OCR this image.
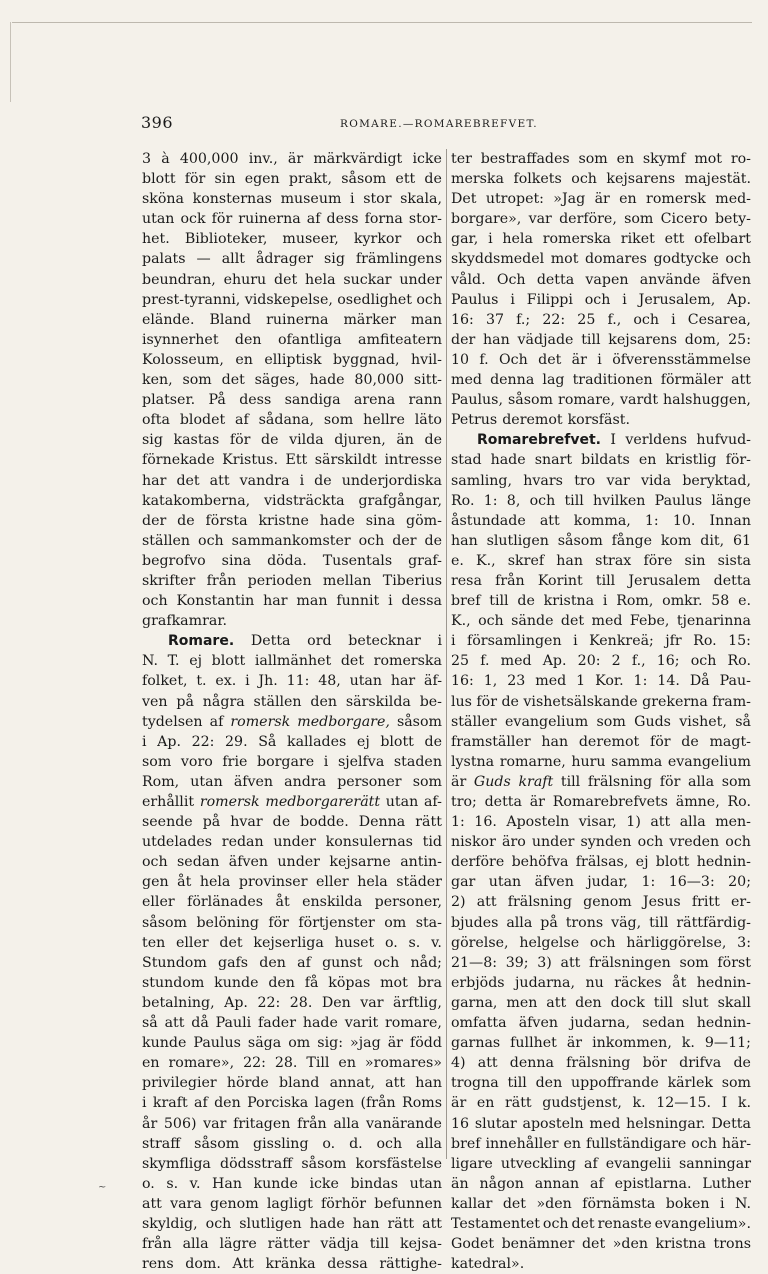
396	ROMARE.—ROMAREBREFVET.
3 à 400,000 inv., är märkvärdigt icke
blott för sin egen prakt, såsom ett de
sköna konsternas museum i stor skala,
utan ock för ruinerna af dess forna stor-
het. Biblioteker, museer, kyrkor och
palats — allt ådrager sig främlingens
beundran, ehuru det hela suckar under
prest-tyranni, vidskepelse, osedlighet och
elände. Bland ruinerna märker man
isynnerhet den ofantliga amfiteatern
Kolosseum, en elliptisk byggnad, hvil-
ken, som det säges, hade 80,000 sitt-
platser. På dess sandiga arena rann
ofta blodet af sådana, som hellre läto
sig kastas för de vilda djuren, än de
förnekade Kristus. Ett särskildt intresse
har det att vandra i de underjordiska
katakomberna, vidsträckta grafgångar,
der de första kristne hade sina göm-
ställen och sammankomster och der de
begrofvo sina döda. Tusentals graf-
skrifter från perioden mellan Tiberius
och Konstantin har man funnit i dessa
grafkamrar.
Romare. Detta ord betecknar i
N. T. ej blott iallmänhet det romerska
folket, t. ex. i Jh. 11: 48, utan har äf-
ven på några ställen den särskilda be-
tydelsen af romersk medborgare, såsom
i Ap. 22: 29. Så kallades ej blott de
som voro frie borgare i sjelfva staden
Rom, utan äfven andra personer som
erhållit romersk medborgarerätt utan af-
seende på hvar de bodde. Denna rätt
utdelades redan under konsulernas tid
och sedan äfven under kejsarne antin-
gen åt hela provinser eller hela städer
eller förlänades åt enskilda personer,
såsom belöning för förtjenster om sta-
ten eller det kejserliga huset o. s. v.
Stundom gafs den af gunst och nåd;
stundom kunde den få köpas mot bra
betalning, Ap. 22: 28. Den var ärftlig,
så att då Pauli fader hade varit romare,
kunde Paulus säga om sig: »jag är född
en romare», 22: 28. Till en »romares»
privilegier hörde bland annat, att han
i kraft af den Porciska lagen (från Roms
år 506) var fritagen från alla vanärande
straff såsom gissling o. d. och alla
skymfliga dödsstraff såsom korsfästelse
o. s. v. Han kunde icke bindas utan
att vara genom lagligt förhör befunnen
skyldig, och slutligen hade han rätt att
från alla lägre rätter vädja till kejsa-
rens dom. Att kränka dessa rättighe-
ter bestraffades som en skymf mot ro-
merska folkets och kejsarens majestät.
Det utropet: »Jag är en romersk med-
borgare», var derföre, som Cicero bety-
gar, i hela romerska riket ett ofelbart
skyddsmedel mot domares godtycke och
våld. Och detta vapen använde äfven
Paulus i Filippi och i Jerusalem, Ap.
16: 37 f.; 22: 25 f., och i Cesarea,
der han vädjade till kejsarens dom, 25:
10 f. Och det är i öfverensstämmelse
med denna lag traditionen förmäler att
Paulus, såsom romare, vardt halshuggen,
Petrus deremot korsfäst.
Romarebrefvet. I verldens hufvud-
stad hade snart bildats en kristlig för-
samling, hvars tro var vida beryktad,
Ro. 1: 8, och till hvilken Paulus länge
åstundade att komma, 1: 10. Innan
han slutligen såsom fånge kom dit, 61
e. K., skref han strax före sin sista
resa från Korint till Jerusalem detta
bref till de kristna i Rom, omkr. 58 e.
K., och sände det med Febe, tjenarinna
i församlingen i Kenkreä; jfr Ro. 15:
25 f. med Ap. 20: 2 f., 16; och Ro.
16: 1, 23 med 1 Kor. 1: 14. Då Pau-
lus för de vishetsälskande grekerna fram-
ställer evangelium som Guds vishet, så
framställer han deremot för de magt-
lystna romarne, huru samma evangelium
är Guds kraft till frälsning för alla som
tro; detta är Romarebrefvets ämne, Ro.
1: 16. Aposteln visar, 1) att alla men-
niskor äro under synden och vreden och
derföre behöfva frälsas, ej blott hednin-
gar utan äfven judar, 1: 16—3: 20;
2) att frälsning genom Jesus fritt er-
bjudes alla på trons väg, till rättfärdig-
görelse, helgelse och härliggörelse, 3:
21—8: 39; 3) att frälsningen som först
erbjöds judarna, nu räckes åt hednin-
garna, men att den dock till slut skall
omfatta äfven judarna, sedan hednin-
garnas fullhet är inkommen, k. 9—11;
4) att denna frälsning bör drifva de
trogna till den uppoffrande kärlek som
är en rätt gudstjenst, k. 12—15. I k.
16 slutar aposteln med helsningar. Detta
bref innehåller en fullständigare och här-
ligare utveckling af evangelii sanningar
än någon annan af epistlarna. Luther
kallar det »den förnämsta boken i N.
Testamentet och det renaste evangelium».
Godet benämner det »den kristna trons
katedral».
~
